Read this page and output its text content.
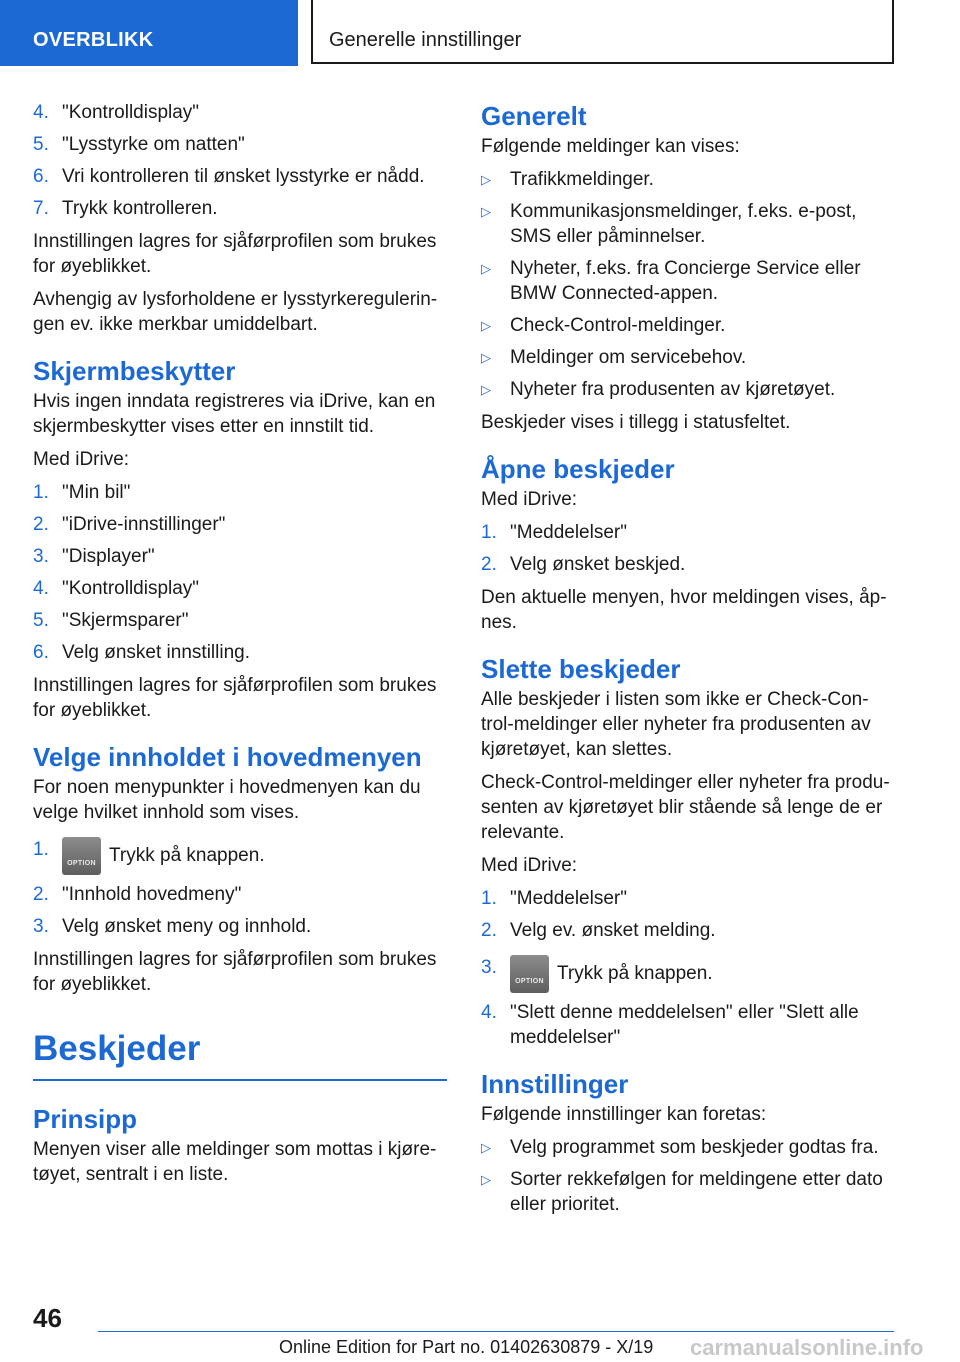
OVERBLIKK	Generelle innstillinger
4. "Kontrolldisplay"
5. "Lysstyrke om natten"
6. Vri kontrolleren til ønsket lysstyrke er nådd.
7. Trykk kontrolleren.

Innstillingen lagres for sjåførprofilen som brukes for øyeblikket.

Avhengig av lysforholdene er lysstyrkeregulerin‐gen ev. ikke merkbar umiddelbart.

Skjermbeskytter

Hvis ingen inndata registreres via iDrive, kan en skjermbeskytter vises etter en innstilt tid.

Med iDrive:

1. "Min bil"
2. "iDrive-innstillinger"
3. "Displayer"
4. "Kontrolldisplay"
5. "Skjermsparer"
6. Velg ønsket innstilling.

Innstillingen lagres for sjåførprofilen som brukes for øyeblikket.

Velge innholdet i hovedmenyen

For noen menypunkter i hovedmenyen kan du velge hvilket innhold som vises.

1.
OPTION Trykk på knappen.
2. "Innhold hovedmeny"
3. Velg ønsket meny og innhold.

Innstillingen lagres for sjåførprofilen som brukes for øyeblikket.

Beskjeder
Prinsipp

Menyen viser alle meldinger som mottas i kjøre‐tøyet, sentralt i en liste.

Generelt

Følgende meldinger kan vises:

▷ Trafikkmeldinger.
▷ Kommunikasjonsmeldinger, f.eks. e-post, SMS eller påminnelser.
▷ Nyheter, f.eks. fra Concierge Service eller BMW Connected-appen.
▷ Check-Control-meldinger.
▷ Meldinger om servicebehov.
▷ Nyheter fra produsenten av kjøretøyet.

Beskjeder vises i tillegg i statusfeltet.

Åpne beskjeder

Med iDrive:

1. "Meddelelser"
2. Velg ønsket beskjed.

Den aktuelle menyen, hvor meldingen vises, åp‐nes.

Slette beskjeder

Alle beskjeder i listen som ikke er Check-Con‐trol-meldinger eller nyheter fra produsenten av kjøretøyet, kan slettes.

Check-Control-meldinger eller nyheter fra produ‐senten av kjøretøyet blir stående så lenge de er relevante.

Med iDrive:

1. "Meddelelser"
2. Velg ev. ønsket melding.
3.
OPTION Trykk på knappen.
4. "Slett denne meddelelsen" eller "Slett alle meddelelser"
Innstillinger

Følgende innstillinger kan foretas:

▷ Velg programmet som beskjeder godtas fra.
▷ Sorter rekkefølgen for meldingene etter dato eller prioritet.
46
Online Edition for Part no. 01402630879 - X/19 carmanualsonline.info
